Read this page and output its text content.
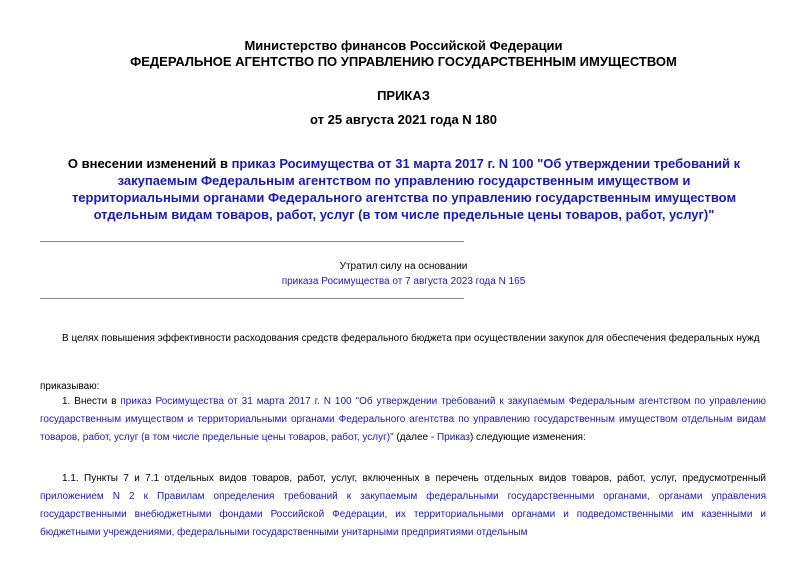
Министерство финансов Российской Федерации

ФЕДЕРАЛЬНОЕ АГЕНТСТВО ПО УПРАВЛЕНИЮ ГОСУДАРСТВЕННЫМ ИМУЩЕСТВОМ

ПРИКАЗ

от 25 августа 2021 года N 180

О внесении изменений в приказ Росимущества от 31 марта 2017 г. N 100 "Об утверждении требований к закупаемым Федеральным агентством по управлению государственным имуществом и территориальными органами Федерального агентства по управлению государственным имуществом отдельным видам товаров, работ, услуг (в том числе предельные цены товаров, работ, услуг)"

Утратил силу на основании

приказа Росимущества от 7 августа 2023 года N 165

В целях повышения эффективности расходования средств федерального бюджета при осуществлении закупок для обеспечения федеральных нужд

приказываю:

1. Внести в приказ Росимущества от 31 марта 2017 г. N 100 "Об утверждении требований к закупаемым Федеральным агентством по управлению государственным имуществом и территориальными органами Федерального агентства по управлению государственным имуществом отдельным видам товаров, работ, услуг (в том числе предельные цены товаров, работ, услуг)" (далее - Приказ) следующие изменения:

1.1. Пункты 7 и 7.1 отдельных видов товаров, работ, услуг, включенных в перечень отдельных видов товаров, работ, услуг, предусмотренный приложением N 2 к Правилам определения требований к закупаемым федеральными государственными органами, органами управления государственными внебюджетными фондами Российской Федерации, их территориальными органами и подведомственными им казенными и бюджетными учреждениями, федеральными государственными унитарными предприятиями отдельным
